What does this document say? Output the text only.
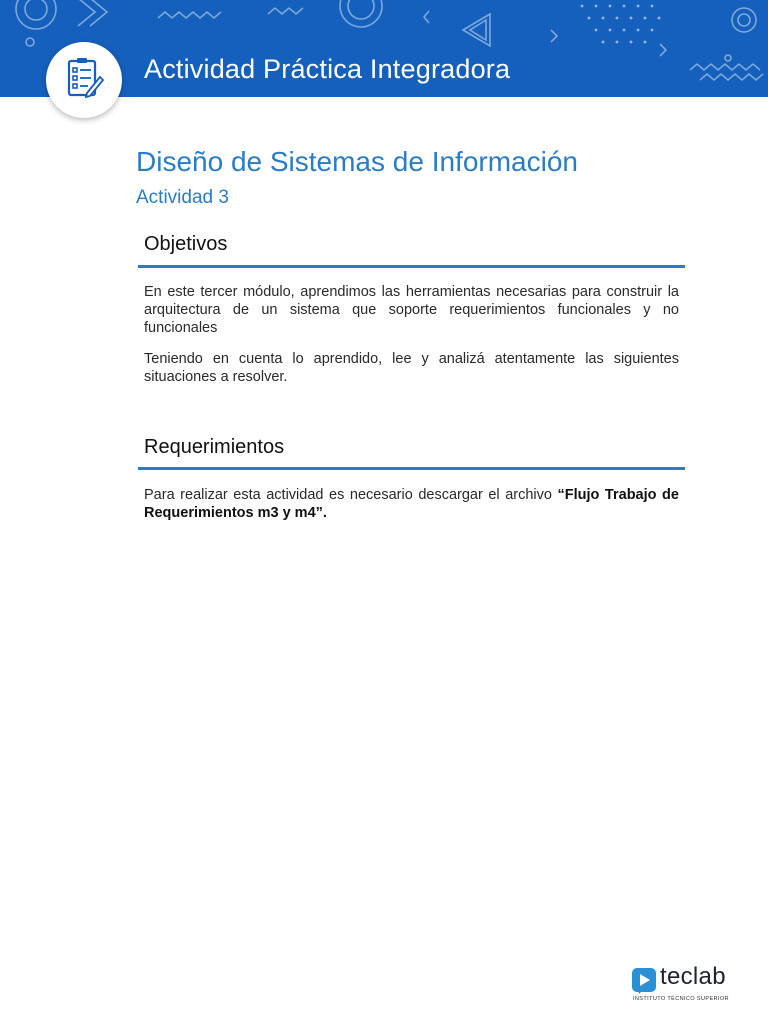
Actividad Práctica Integradora
Diseño de Sistemas de Información
Actividad 3
Objetivos

En este tercer módulo, aprendimos las herramientas necesarias para construir la arquitectura de un sistema que soporte requerimientos funcionales y no funcionales

Teniendo en cuenta lo aprendido, lee y analizá atentamente las siguientes situaciones a resolver.

Requerimientos

Para realizar esta actividad es necesario descargar el archivo “Flujo Trabajo de Requerimientos m3 y m4”.

teclab
INSTITUTO TÉCNICO SUPERIOR
